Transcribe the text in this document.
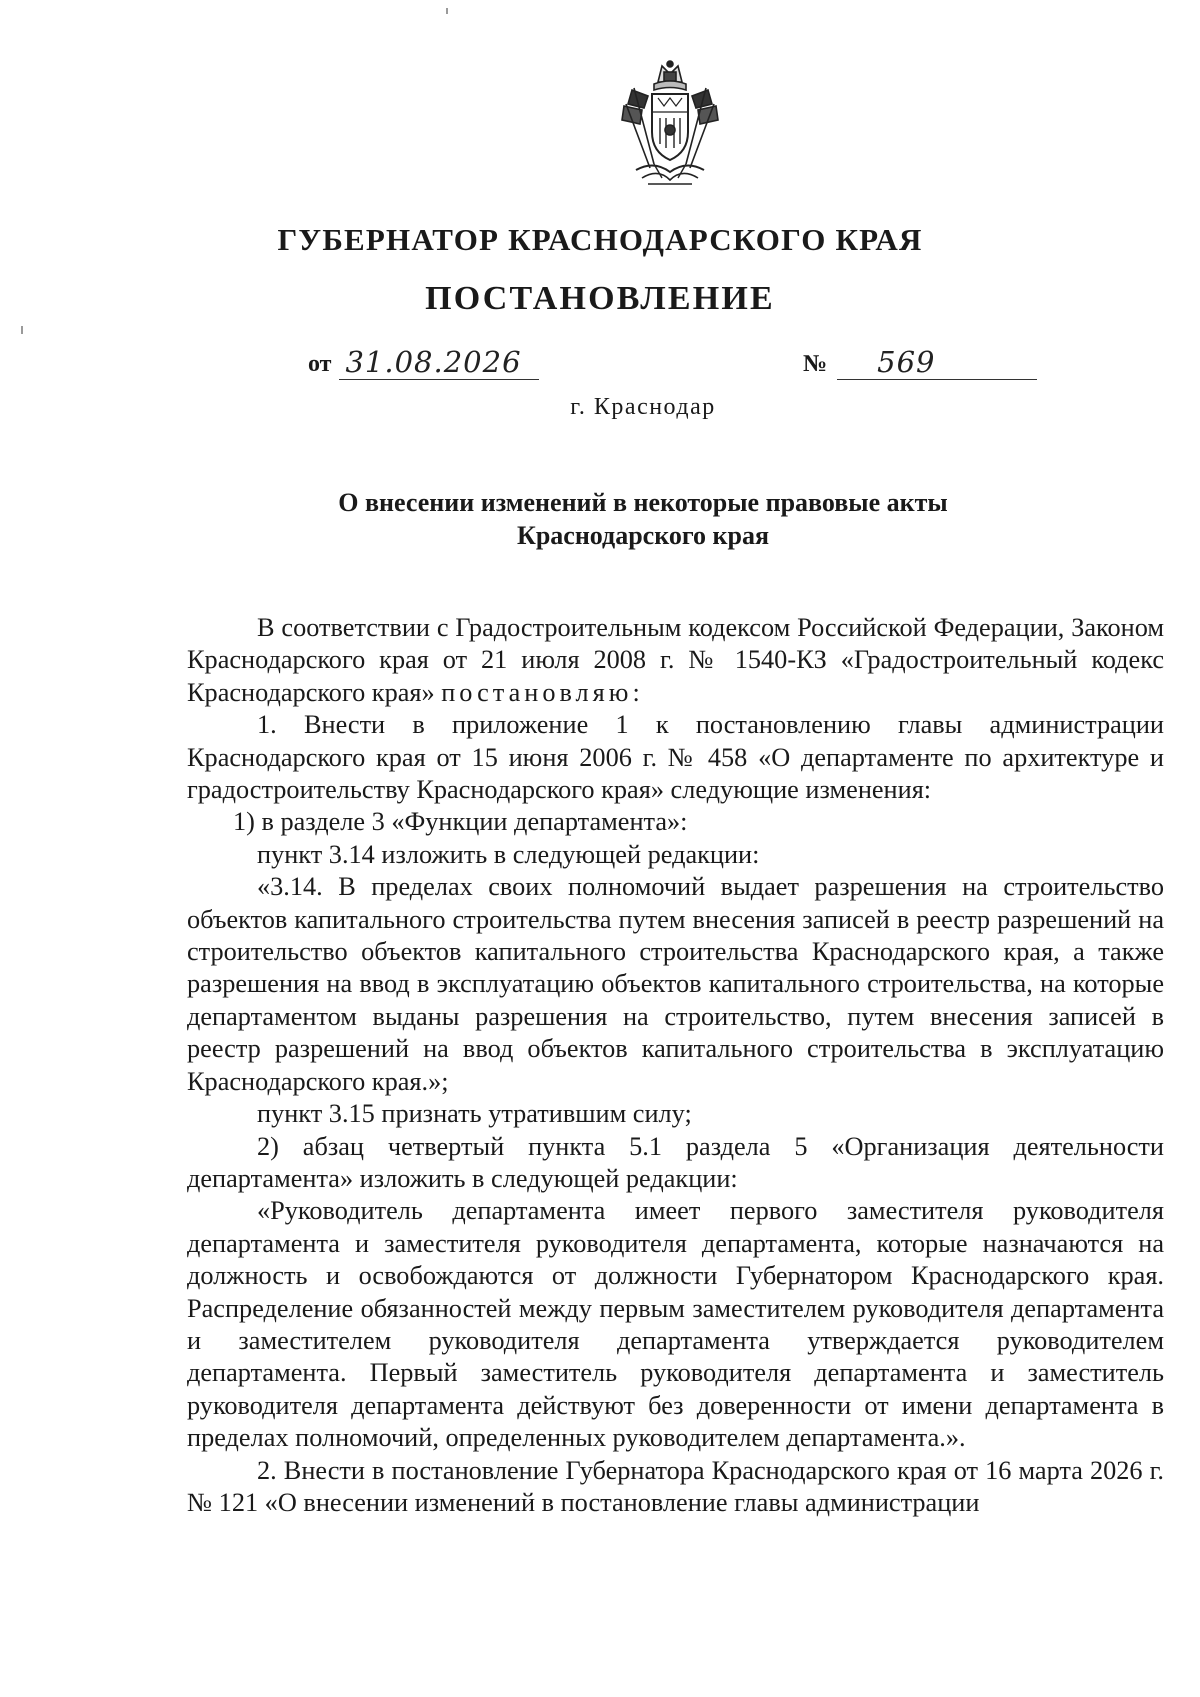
ГУБЕРНАТОР КРАСНОДАРСКОГО КРАЯ
ПОСТАНОВЛЕНИЕ
от 31.08.2026	№	569
г. Краснодар
О внесении изменений в некоторые правовые акты
Краснодарского края

В соответствии с Градостроительным кодексом Российской Федерации, Законом Краснодарского края от 21 июля 2008 г. № 1540-КЗ «Градостроительный кодекс Краснодарского края» постановляю:

1. Внести в приложение 1 к постановлению главы администрации Краснодарского края от 15 июня 2006 г. № 458 «О департаменте по архитектуре и градостроительству Краснодарского края» следующие изменения:

1) в разделе 3 «Функции департамента»:

пункт 3.14 изложить в следующей редакции:

«3.14. В пределах своих полномочий выдает разрешения на строительство объектов капитального строительства путем внесения записей в реестр разрешений на строительство объектов капитального строительства Краснодарского края, а также разрешения на ввод в эксплуатацию объектов капитального строительства, на которые департаментом выданы разрешения на строительство, путем внесения записей в реестр разрешений на ввод объектов капитального строительства в эксплуатацию Краснодарского края.»;

пункт 3.15 признать утратившим силу;

2) абзац четвертый пункта 5.1 раздела 5 «Организация деятельности департамента» изложить в следующей редакции:

«Руководитель департамента имеет первого заместителя руководителя департамента и заместителя руководителя департамента, которые назначаются на должность и освобождаются от должности Губернатором Краснодарского края. Распределение обязанностей между первым заместителем руководителя департамента и заместителем руководителя департамента утверждается руководителем департамента. Первый заместитель руководителя департамента и заместитель руководителя департамента действуют без доверенности от имени департамента в пределах полномочий, определенных руководителем департамента.».

2. Внести в постановление Губернатора Краснодарского края от 16 марта 2026 г. № 121 «О внесении изменений в постановление главы администрации
